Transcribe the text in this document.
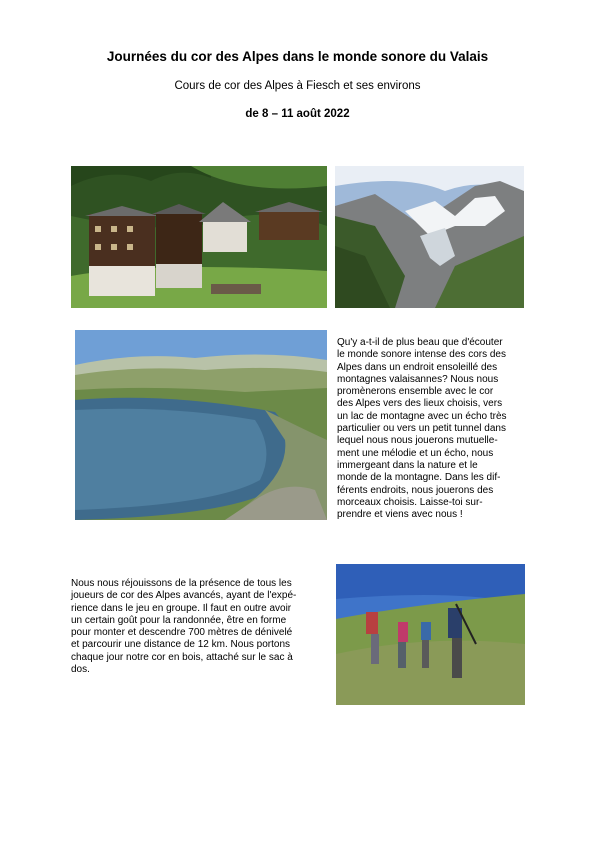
Journées du cor des Alpes dans le monde sonore du Valais
Cours de cor des Alpes à Fiesch et ses environs
de 8 – 11 août 2022
Qu'y a-t-il de plus beau que d'écouter
le monde sonore intense des cors des
Alpes dans un endroit ensoleillé des
montagnes valaisannes? Nous nous
promènerons ensemble avec le cor
des Alpes vers des lieux choisis, vers
un lac de montagne avec un écho très
particulier ou vers un petit tunnel dans
lequel nous nous jouerons mutuelle-
ment une mélodie et un écho, nous
immergeant dans la nature et le
monde de la montagne. Dans les dif-
férents endroits, nous jouerons des
morceaux choisis. Laisse-toi sur-
prendre et viens avec nous !
Nous nous réjouissons de la présence de tous les
joueurs de cor des Alpes avancés, ayant de l'expé-
rience dans le jeu en groupe. Il faut en outre avoir
un certain goût pour la randonnée, être en forme
pour monter et descendre 700 mètres de dénivelé
et parcourir une distance de 12 km. Nous portons
chaque jour notre cor en bois, attaché sur le sac à
dos.
